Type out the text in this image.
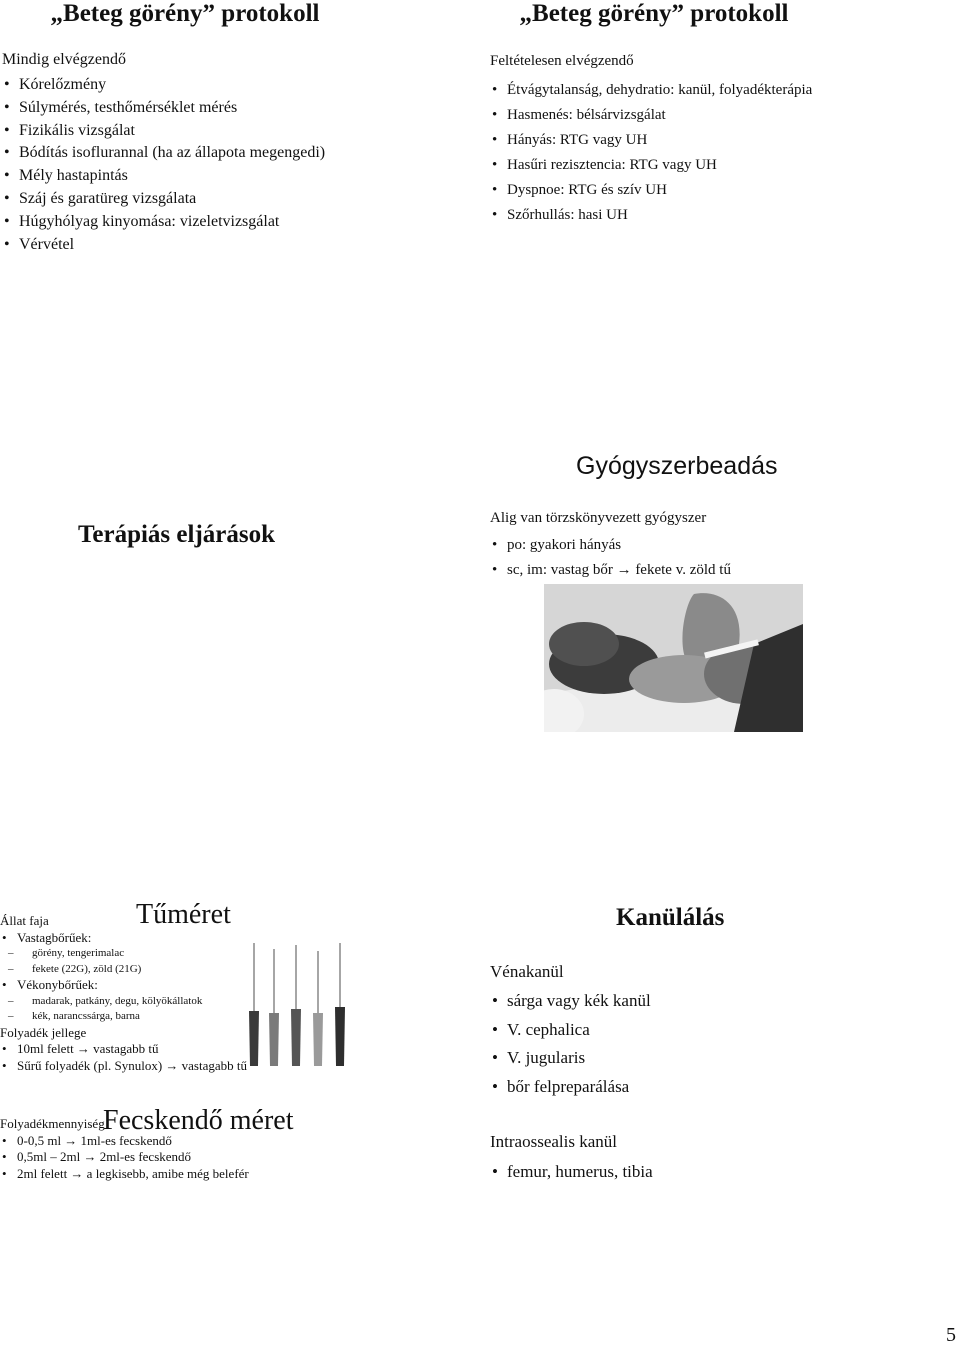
„Beteg görény” protokoll
Mindig elvégzendő
• Kórelőzmény
• Súlymérés, testhőmérséklet mérés
• Fizikális vizsgálat
• Bódítás isoflurannal (ha az állapota megengedi)
• Mély hastapintás
• Száj és garatüreg vizsgálata
• Húgyhólyag kinyomása: vizeletvizsgálat
• Vérvétel
„Beteg görény” protokoll
Feltételesen elvégzendő
• Étvágytalanság, dehydratio: kanül, folyadékterápia
• Hasmenés: bélsárvizsgálat
• Hányás: RTG vagy UH
• Hasűri rezisztencia: RTG vagy UH
• Dyspnoe: RTG és szív UH
• Szőrhullás: hasi UH
Terápiás eljárások
Gyógyszerbeadás
Alig van törzskönyvezett gyógyszer
• po: gyakori hányás
• sc, im: vastag bőr → fekete v. zöld tű
Tűméret
Állat faja
• Vastagbőrűek:
– görény, tengerimalac
– fekete (22G), zöld (21G)
• Vékonybőrűek:
– madarak, patkány, degu, kölyökállatok
– kék, narancssárga, barna
Folyadék jellege
• 10ml felett → vastagabb tű
• Sűrű folyadék (pl. Synulox) → vastagabb tű
Fecskendő méret
Folyadékmennyiség
• 0-0,5 ml → 1ml-es fecskendő
• 0,5ml – 2ml → 2ml-es fecskendő
• 2ml felett → a legkisebb, amibe még belefér
Kanülálás
Vénakanül
• sárga vagy kék kanül
• V. cephalica
• V. jugularis
• bőr felpreparálása
Intraossealis kanül
• femur, humerus, tibia
5
